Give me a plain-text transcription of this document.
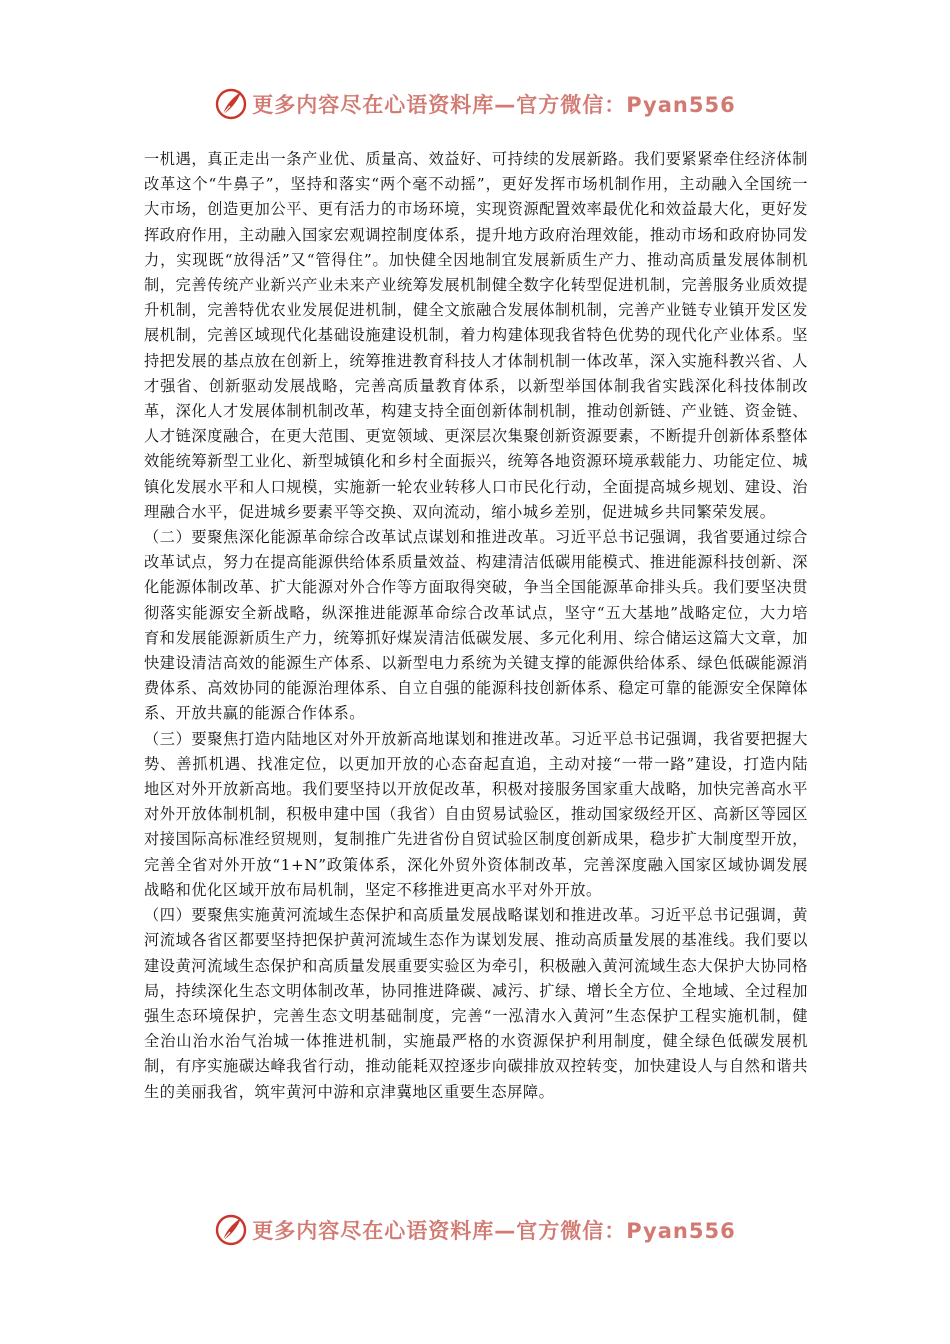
更多内容尽在心语资料库—官方微信：Pyan556

一机遇，真正走出一条产业优、质量高、效益好、可持续的发展新路。我们要紧紧牵住经济体制改革这个“牛鼻子”，坚持和落实“两个毫不动摇”，更好发挥市场机制作用，主动融入全国统一大市场，创造更加公平、更有活力的市场环境，实现资源配置效率最优化和效益最大化，更好发挥政府作用，主动融入国家宏观调控制度体系，提升地方政府治理效能，推动市场和政府协同发力，实现既“放得活”又“管得住”。加快健全因地制宜发展新质生产力、推动高质量发展体制机制，完善传统产业新兴产业未来产业统筹发展机制健全数字化转型促进机制，完善服务业质效提升机制，完善特优农业发展促进机制，健全文旅融合发展体制机制，完善产业链专业镇开发区发展机制，完善区域现代化基础设施建设机制，着力构建体现我省特色优势的现代化产业体系。坚持把发展的基点放在创新上，统筹推进教育科技人才体制机制一体改革，深入实施科教兴省、人才强省、创新驱动发展战略，完善高质量教育体系，以新型举国体制我省实践深化科技体制改革，深化人才发展体制机制改革，构建支持全面创新体制机制，推动创新链、产业链、资金链、人才链深度融合，在更大范围、更宽领域、更深层次集聚创新资源要素，不断提升创新体系整体效能统筹新型工业化、新型城镇化和乡村全面振兴，统筹各地资源环境承载能力、功能定位、城镇化发展水平和人口规模，实施新一轮农业转移人口市民化行动，全面提高城乡规划、建设、治理融合水平，促进城乡要素平等交换、双向流动，缩小城乡差别，促进城乡共同繁荣发展。

（二）要聚焦深化能源革命综合改革试点谋划和推进改革。习近平总书记强调，我省要通过综合改革试点，努力在提高能源供给体系质量效益、构建清洁低碳用能模式、推进能源科技创新、深化能源体制改革、扩大能源对外合作等方面取得突破，争当全国能源革命排头兵。我们要坚决贯彻落实能源安全新战略，纵深推进能源革命综合改革试点，坚守“五大基地”战略定位，大力培育和发展能源新质生产力，统筹抓好煤炭清洁低碳发展、多元化利用、综合储运这篇大文章，加快建设清洁高效的能源生产体系、以新型电力系统为关键支撑的能源供给体系、绿色低碳能源消费体系、高效协同的能源治理体系、自立自强的能源科技创新体系、稳定可靠的能源安全保障体系、开放共赢的能源合作体系。

（三）要聚焦打造内陆地区对外开放新高地谋划和推进改革。习近平总书记强调，我省要把握大势、善抓机遇、找准定位，以更加开放的心态奋起直追，主动对接“一带一路”建设，打造内陆地区对外开放新高地。我们要坚持以开放促改革，积极对接服务国家重大战略，加快完善高水平对外开放体制机制，积极申建中国（我省）自由贸易试验区，推动国家级经开区、高新区等园区对接国际高标准经贸规则，复制推广先进省份自贸试验区制度创新成果，稳步扩大制度型开放，完善全省对外开放“1+N”政策体系，深化外贸外资体制改革，完善深度融入国家区域协调发展战略和优化区域开放布局机制，坚定不移推进更高水平对外开放。

（四）要聚焦实施黄河流域生态保护和高质量发展战略谋划和推进改革。习近平总书记强调，黄河流域各省区都要坚持把保护黄河流域生态作为谋划发展、推动高质量发展的基准线。我们要以建设黄河流域生态保护和高质量发展重要实验区为牵引，积极融入黄河流域生态大保护大协同格局，持续深化生态文明体制改革，协同推进降碳、减污、扩绿、增长全方位、全地域、全过程加强生态环境保护，完善生态文明基础制度，完善“一泓清水入黄河”生态保护工程实施机制，健全治山治水治气治城一体推进机制，实施最严格的水资源保护利用制度，健全绿色低碳发展机制，有序实施碳达峰我省行动，推动能耗双控逐步向碳排放双控转变，加快建设人与自然和谐共生的美丽我省，筑牢黄河中游和京津冀地区重要生态屏障。

更多内容尽在心语资料库—官方微信：Pyan556
